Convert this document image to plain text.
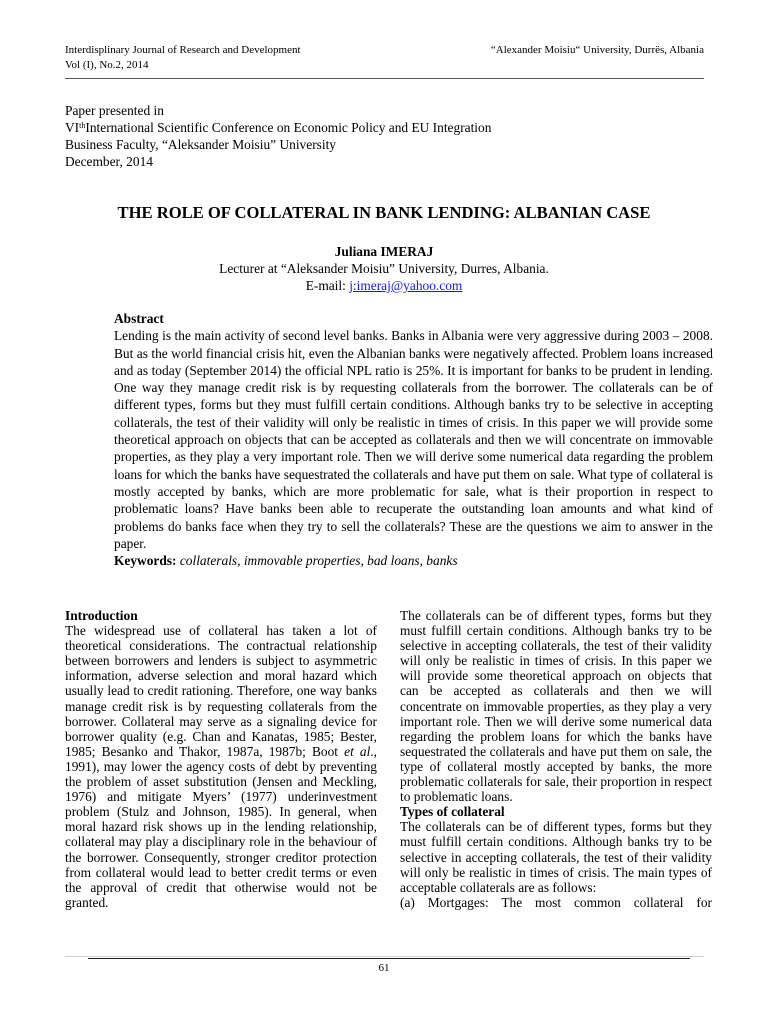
Interdisplinary Journal of Research and Development
Vol (I), No.2, 2014
“Alexander Moisiu“ University, Durrës, Albania
Paper presented in
VIthInternational Scientific Conference on Economic Policy and EU Integration
Business Faculty, “Aleksander Moisiu” University
December, 2014
THE ROLE OF COLLATERAL IN BANK LENDING: ALBANIAN CASE
Juliana IMERAJ
Lecturer at “Aleksander Moisiu” University, Durres, Albania.
E-mail: j:imeraj@yahoo.com
Abstract

Lending is the main activity of second level banks. Banks in Albania were very aggressive during 2003 – 2008. But as the world financial crisis hit, even the Albanian banks were negatively affected. Problem loans increased and as today (September 2014) the official NPL ratio is 25%. It is important for banks to be prudent in lending. One way they manage credit risk is by requesting collaterals from the borrower. The collaterals can be of different types, forms but they must fulfill certain conditions. Although banks try to be selective in accepting collaterals, the test of their validity will only be realistic in times of crisis. In this paper we will provide some theoretical approach on objects that can be accepted as collaterals and then we will concentrate on immovable properties, as they play a very important role. Then we will derive some numerical data regarding the problem loans for which the banks have sequestrated the collaterals and have put them on sale. What type of collateral is mostly accepted by banks, which are more problematic for sale, what is their proportion in respect to problematic loans? Have banks been able to recuperate the outstanding loan amounts and what kind of problems do banks face when they try to sell the collaterals? These are the questions we aim to answer in the paper.

Keywords: collaterals, immovable properties, bad loans, banks
Introduction

The widespread use of collateral has taken a lot of theoretical considerations. The contractual relationship between borrowers and lenders is subject to asymmetric information, adverse selection and moral hazard which usually lead to credit rationing. Therefore, one way banks manage credit risk is by requesting collaterals from the borrower. Collateral may serve as a signaling device for borrower quality (e.g. Chan and Kanatas, 1985; Bester, 1985; Besanko and Thakor, 1987a, 1987b; Boot et al., 1991), may lower the agency costs of debt by preventing the problem of asset substitution (Jensen and Meckling, 1976) and mitigate Myers’ (1977) underinvestment problem (Stulz and Johnson, 1985). In general, when moral hazard risk shows up in the lending relationship, collateral may play a disciplinary role in the behaviour of the borrower. Consequently, stronger creditor protection from collateral would lead to better credit terms or even the approval of credit that otherwise would not be granted.

The collaterals can be of different types, forms but they must fulfill certain conditions. Although banks try to be selective in accepting collaterals, the test of their validity will only be realistic in times of crisis. In this paper we will provide some theoretical approach on objects that can be accepted as collaterals and then we will concentrate on immovable properties, as they play a very important role. Then we will derive some numerical data regarding the problem loans for which the banks have sequestrated the collaterals and have put them on sale, the type of collateral mostly accepted by banks, the more problematic collaterals for sale, their proportion in respect to problematic loans.

Types of collateral

The collaterals can be of different types, forms but they must fulfill certain conditions. Although banks try to be selective in accepting collaterals, the test of their validity will only be realistic in times of crisis. The main types of acceptable collaterals are as follows:

(a) Mortgages: The most common collateral for

61
